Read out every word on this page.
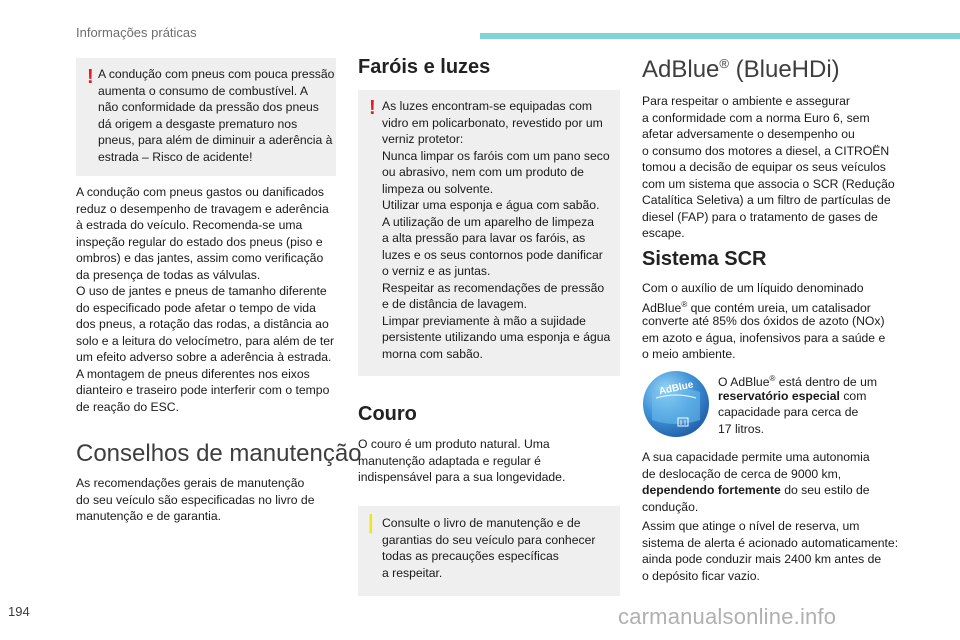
Informações práticas
! A condução com pneus com pouca pressão

aumenta o consumo de combustível. A

não conformidade da pressão dos pneus

dá origem a desgaste prematuro nos

pneus, para além de diminuir a aderência à

estrada – Risco de acidente!

A condução com pneus gastos ou danificados

reduz o desempenho de travagem e aderência

à estrada do veículo. Recomenda-se uma

inspeção regular do estado dos pneus (piso e

ombros) e das jantes, assim como verificação

da presença de todas as válvulas.

O uso de jantes e pneus de tamanho diferente

do especificado pode afetar o tempo de vida

dos pneus, a rotação das rodas, a distância ao

solo e a leitura do velocímetro, para além de ter

um efeito adverso sobre a aderência à estrada.

A montagem de pneus diferentes nos eixos

dianteiro e traseiro pode interferir com o tempo

de reação do ESC.

Conselhos de manutenção

As recomendações gerais de manutenção

do seu veículo são especificadas no livro de

manutenção e de garantia.

Faróis e luzes
! As luzes encontram-se equipadas com

vidro em policarbonato, revestido por um

verniz protetor:

Nunca limpar os faróis com um pano seco

ou abrasivo, nem com um produto de

limpeza ou solvente.

Utilizar uma esponja e água com sabão.

A utilização de um aparelho de limpeza

a alta pressão para lavar os faróis, as

luzes e os seus contornos pode danificar

o verniz e as juntas.

Respeitar as recomendações de pressão

e de distância de lavagem.

Limpar previamente à mão a sujidade

persistente utilizando uma esponja e água

morna com sabão.

Couro

O couro é um produto natural. Uma

manutenção adaptada e regular é

indispensável para a sua longevidade.

| Consulte o livro de manutenção e de

garantias do seu veículo para conhecer

todas as precauções específicas

a respeitar.

AdBlue® (BlueHDi)

Para respeitar o ambiente e assegurar

a conformidade com a norma Euro 6, sem

afetar adversamente o desempenho ou

o consumo dos motores a diesel, a CITROËN

tomou a decisão de equipar os seus veículos

com um sistema que associa o SCR (Redução

Catalítica Seletiva) a um filtro de partículas de

diesel (FAP) para o tratamento de gases de

escape.

Sistema SCR

Com o auxílio de um líquido denominado

AdBlue® que contém ureia, um catalisador

converte até 85% dos óxidos de azoto (NOx)

em azoto e água, inofensivos para a saúde e

o meio ambiente.

AdBlue O AdBlue® está dentro de um

reservatório especial com

capacidade para cerca de

17 litros.

A sua capacidade permite uma autonomia

de deslocação de cerca de 9000 km,

dependendo fortemente do seu estilo de

condução.

Assim que atinge o nível de reserva, um

sistema de alerta é acionado automaticamente:

ainda pode conduzir mais 2400 km antes de

o depósito ficar vazio.

194	carmanualsonline.info
